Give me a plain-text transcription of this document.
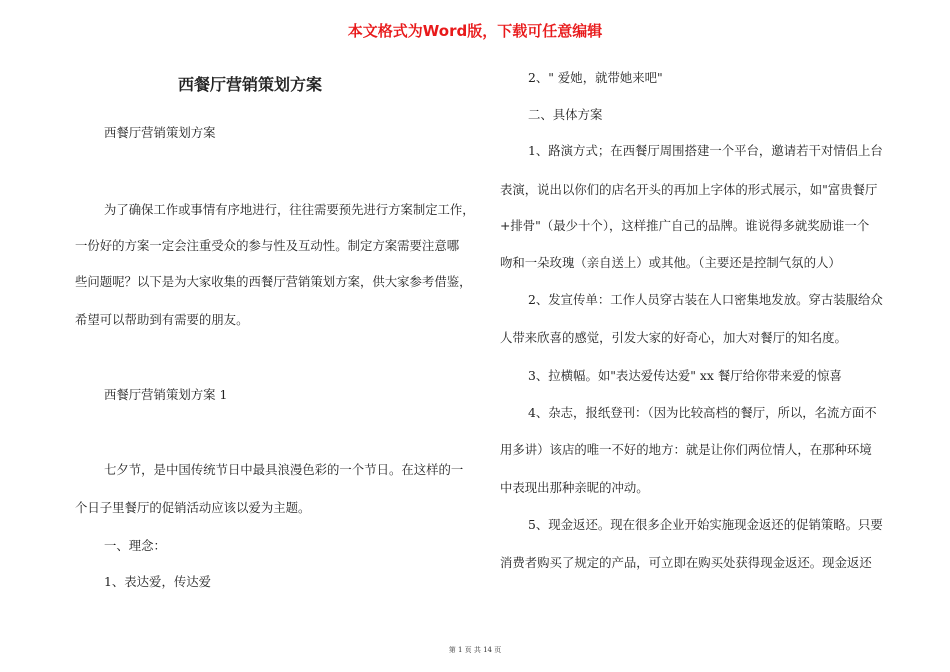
本文格式为Word版，下载可任意编辑
西餐厅营销策划方案
西餐厅营销策划方案
为了确保工作或事情有序地进行，往往需要预先进行方案制定工作，
一份好的方案一定会注重受众的参与性及互动性。制定方案需要注意哪
些问题呢？以下是为大家收集的西餐厅营销策划方案，供大家参考借鉴，
希望可以帮助到有需要的朋友。
西餐厅营销策划方案 1
七夕节，是中国传统节日中最具浪漫色彩的一个节日。在这样的一
个日子里餐厅的促销活动应该以爱为主题。
一、理念：
1、表达爱，传达爱
2、" 爱她，就带她来吧"
二、具体方案
1、路演方式；在西餐厅周围搭建一个平台，邀请若干对情侣上台
表演，说出以你们的店名开头的再加上字体的形式展示，如"富贵餐厅
+排骨"（最少十个），这样推广自己的品牌。谁说得多就奖励谁一个
吻和一朵玫瑰（亲自送上）或其他。（主要还是控制气氛的人）
2、发宣传单：工作人员穿古装在人口密集地发放。穿古装服给众
人带来欣喜的感觉，引发大家的好奇心，加大对餐厅的知名度。
3、拉横幅。如"表达爱传达爱" xx 餐厅给你带来爱的惊喜
4、杂志，报纸登刊：（因为比较高档的餐厅，所以，名流方面不
用多讲）该店的唯一不好的地方：就是让你们两位情人，在那种环境
中表现出那种亲昵的冲动。
5、现金返还。现在很多企业开始实施现金返还的促销策略。只要
消费者购买了规定的产品，可立即在购买处获得现金返还。现金返还
第 1 页 共 14 页
